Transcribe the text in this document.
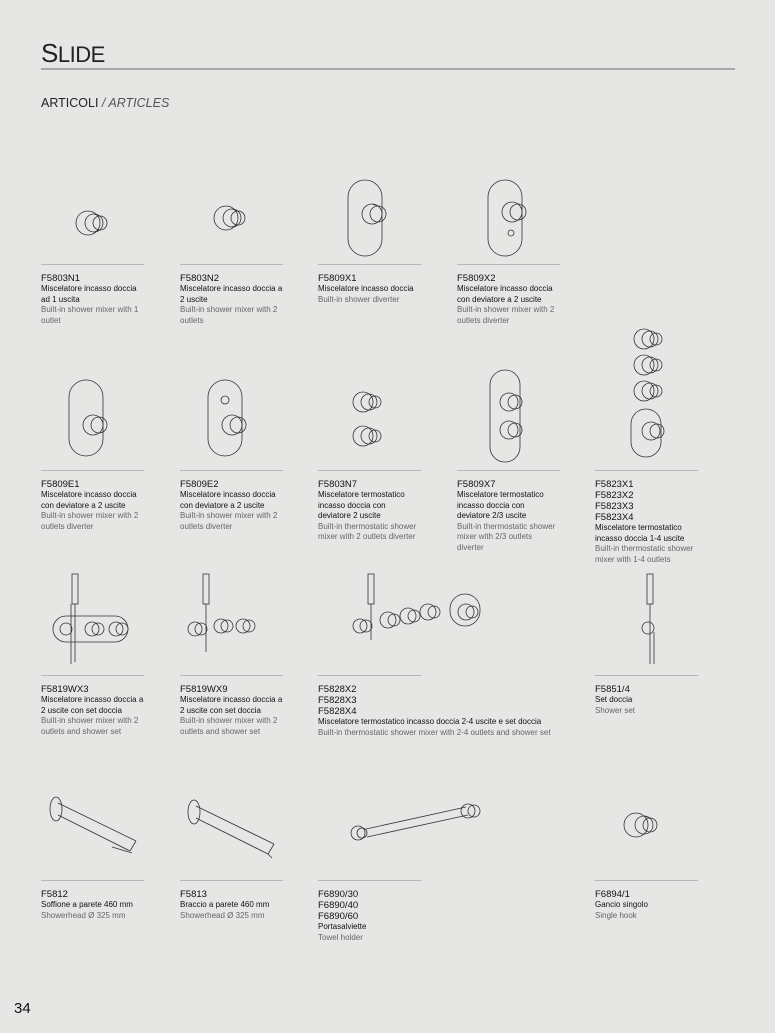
SLIDE
ARTICOLI / ARTICLES
F5803N1
Miscelatore incasso doccia ad 1 uscita
Built-in shower mixer with 1 outlet
F5803N2
Miscelatore incasso doccia a 2 uscite
Built-in shower mixer with 2 outlets
F5809X1
Miscelatore incasso doccia
Built-in shower diverter
F5809X2
Miscelatore incasso doccia con deviatore a 2 uscite
Built-in shower mixer with 2 outlets diverter
F5809E1
Miscelatore incasso doccia con deviatore a 2 uscite
Built-in shower mixer with 2 outlets diverter
F5809E2
Miscelatore incasso doccia con deviatore a 2 uscite
Built-in shower mixer with 2 outlets diverter
F5803N7
Miscelatore termostatico incasso doccia con deviatore 2 uscite
Built-in thermostatic shower mixer with 2 outlets diverter
F5809X7
Miscelatore termostatico incasso doccia con deviatore 2/3 uscite
Built-in thermostatic shower mixer with 2/3 outlets diverter
F5823X1
F5823X2
F5823X3
F5823X4
Miscelatore termostatico incasso doccia 1-4 uscite
Built-in thermostatic shower mixer with 1-4 outlets
F5819WX3
Miscelatore incasso doccia a 2 uscite con set doccia
Built-in shower mixer with 2 outlets and shower set
F5819WX9
Miscelatore incasso doccia a 2 uscite con set doccia
Built-in shower mixer with 2 outlets and shower set
F5828X2
F5828X3
F5828X4
Miscelatore termostatico incasso doccia 2-4 uscite e set doccia
Built-in thermostatic shower mixer with 2-4 outlets and shower set
F5851/4
Set doccia
Shower set
F5812
Soffione a parete 460 mm
Showerhead Ø 325 mm
F5813
Braccio a parete 460 mm
Showerhead Ø 325 mm
F6890/30
F6890/40
F6890/60
Portasalviette
Towel holder
F6894/1
Gancio singolo
Single hook
34
